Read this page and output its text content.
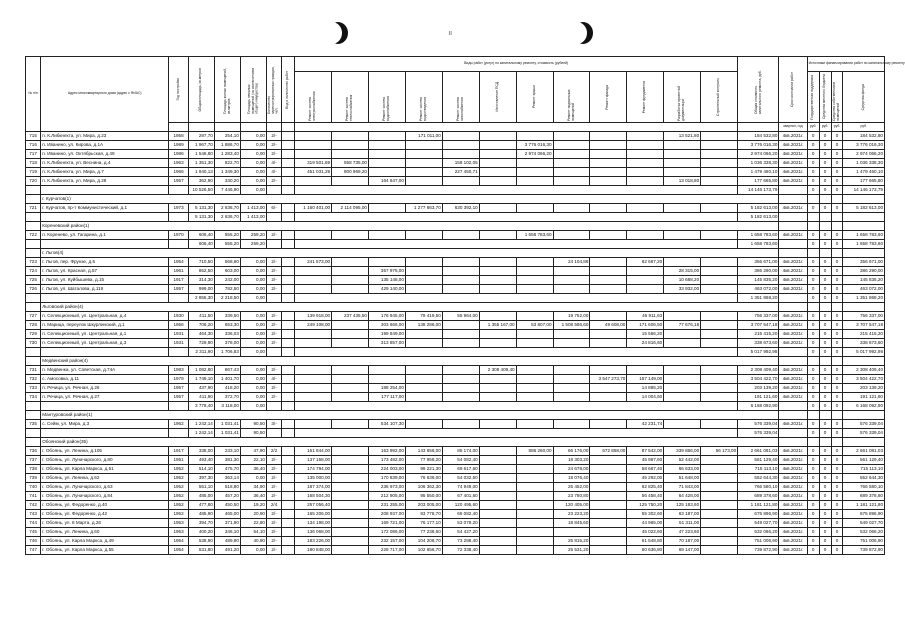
II
№ п/п	Адрес многоквартирного дома (адрес с ФИАС)	Год постройки	Общая площадь, кв.метров	Площадь жилых помещений, кв.метров	Площадь нежилых помещений (за исключением общего имущества)	Количество зарегистрированных граждан, чел.	Вид и количество работ	Виды работ (услуг) по капитальному ремонту, стоимость (рублей)												Общая стоимость капитального ремонта, руб.	Срок окончания работ	Источники финансирования работ по капитальному ремонту			

								Ремонт систем электроснабжения	Ремонт систем теплоснабжения	Ремонт систем водоснабжения	Ремонт систем водоотведения	Ремонт систем газоснабжения	Изготовление ПСД	Ремонт крыши	Ремонт подвальных помещений	Ремонт фасада	Ремонт фундамента	Разработка проектной документации	Строительный контроль			Государственная поддержка	Средства местного бюджета	Средства собственников помещений	Средства фонда

																					квартал, год	руб.	руб.	руб.	руб.
715	п. К.Либкнехта, ул. Мира, д.23	1958	297,70	254,10	0,00	2/-					171 011,00							13 521,80		184 532,80	4кв.2021г.	0	0	0	184 532,80
716	п. Иванино, ул. Кирова, д.1А	1989	1 967,70	1 886,70	0,00	2/-								3 776 016,30						3 776 016,30	4кв.2021г.	0	0	0	3 776 016,30
717	п. Иванино, ул. Октябрьская, д.49	1986	1 546,80	1 283,40	0,00	2/-								2 974 066,20						2 974 066,20	4кв.2021г.	0	0	0	2 974 066,20
718	п. К.Либкнехта, ул. Веснина, д.4	1963	1 351,30	822,70	0,00	4/-		319 501,69	558 735,00			158 102,05								1 036 338,30	4кв.2021г.	0	0	0	1 036 338,30
719	п. К.Либкнехта, ул. Мира, д.7	1966	1 940,13	1 349,30	0,00	4/-		451 031,29	800 969,20			227 450,71								1 479 460,10	4кв.2021г.	0	0	0	1 479 460,10
720	п. К.Либкнехта, ул. Мира, д.28	1957	362,90	330,20	0,00	2/-				164 647,00								13 018,80		177 665,80	4кв.2021г.	0	0	0	177 665,80
			10 526,50	7 446,90	0,00															14 146 173,79		0	0	0	14 146 173,79
	г. Курчатов(1)																								
721	г. Курчатов, пр-т Коммунистический, д.1	1973	5 131,30	2 636,70	1 413,00	6/-		1 160 401,00	2 114 095,00		1 277 663,70	630 392,10								5 182 613,00	4кв.2021г.	0	0	0	5 182 613,00
			5 131,30	2 636,70	1 413,00															5 182 613,00					
	Кореневский район(1)																								
722	п. Коренево, ул. Гагарина, д.1	1970	606,40	555,20	259,20	2/-								1 658 783,60						1 658 783,60	4кв.2021г.	0	0	0	1 658 783,60
			606,40	555,20	259,20															1 658 783,60		0	0	0	1 658 783,60
	г. Льгов(4)																								
723	г. Льгов, пер. Фрунзе, д.5	1954	710,50	568,60	0,00	2/-		241 573,00							24 104,88		82 667,20			356 671,00	4кв.2021г.	0	0	0	356 671,00
724	г. Льгов, ул. Красная, д.57	1961	852,50	603,00	0,00	2/-				357 975,00								28 315,00		386 290,00	4кв.2021г.	0	0	0	386 290,00
725	г. Льгов, ул. Куйбышева, д.15	1917	314,30	242,00	0,00	2/-				135 148,00								10 688,20		145 835,20	4кв.2021г.	0	0	0	145 835,20
726	г. Льгов, ул. Шаталова, д.119	1957	999,00	782,50	0,00	2/-				429 140,00								33 932,00		463 072,00	4кв.2021г.	0	0	0	463 072,00
			2 855,30	2 218,50	0,00															1 351 868,20		0	0	0	1 351 868,20
	Льговский район(4)																								
727	п. Селекционный, ул. Центральная, д.4	1930	411,50	339,50	0,00	2/-		139 918,00	237 435,50	176 945,00	79 419,50	55 964,00			19 752,00		46 911,63			756 337,00	4кв.2021г.	0	0	0	756 337,00
728	п. Марица, переулок Шкурлинский, д.1	1956	706,20	653,30	0,00	2/-		249 108,00		303 666,00	138 286,00		1 355 167,00	53 807,00	1 508 586,60	49 608,00	171 606,50	77 676,18		3 707 547,18	4кв.2021г.	0	0	0	3 707 547,18
729	п. Селекционный, ул. Центральная, д.1	1931	464,30	336,03	0,00	2/-				199 849,00							15 566,20			215 415,20	4кв.2021г.	0	0	0	215 415,20
730	п. Селекционный, ул. Центральная, д.3	1931	729,90	378,00	0,00	2/-				313 857,00							24 816,60			338 673,60	4кв.2021г.	0	0	0	338 673,60
			2 311,90	1 706,83	0,00															5 017 992,98		0	0	0	5 017 992,98
	Медвенский район(4)																								
731	п. Медвенка, ул. Советская, д.74А	1983	1 082,80	867,43	0,00	2/-							2 308 409,40							2 308 409,40	4кв.2021г.	0	0	0	2 308 409,40
732	с. Амосовка, д.11	1979	1 749,10	1 401,70	0,00	4/-										3 547 273,70	157 149,00			3 504 422,70	4кв.2021г.	0	0	0	3 504 422,70
733	п. Речица, ул. Речная, д.26	1957	437,90	418,20	0,00	2/-				188 254,00							14 885,20			203 139,20	4кв.2021г.	0	0	0	203 139,20
734	п. Речица, ул. Речная, д.27	1957	411,90	372,70	0,00	2/-				177 117,00							14 004,60			191 121,60	4кв.2021г.	0	0	0	191 121,60
			3 778,40	3 118,00	0,00															6 168 092,90		0	0	0	6 168 092,90
	Мантуровский район(1)																								
735	с. Сейм, ул. Мира, д.3	1962	1 242,14	1 031,41	90,50	3/-				534 107,30							42 231,74			576 339,04	4кв.2021г.	0	0	0	576 339,04
			1 242,14	1 031,41	90,50															576 339,04		0	0	0	576 339,04
	Обоянский район(35)																								
736	г. Обоянь, ул. Ленина, д.105	1917	338,00	233,10	47,90	2/2		151 844,00		153 992,00	143 656,00	85 174,00		886 260,00	66 176,00	672 858,00	87 542,00	339 866,00	56 173,00	2 661 081,03	4кв.2021г.	0	0	0	2 661 081,03
737	г. Обоянь, ул. Луначарского, д.80	1951	493,40	381,30	22,10	2/-		137 158,00		173 482,00	77 958,20	54 082,40			18 303,20		45 987,60	52 442,00		561 129,40	4кв.2021г.	0	0	0	561 129,40
738	г. Обоянь, ул. Карла Маркса, д.51	1952	514,10	475,70	36,40	2/-		174 794,00		224 003,00	99 221,30	69 617,60			24 678,00		58 667,40	66 633,00		715 113,10	4кв.2021г.	0	0	0	715 113,10
739	г. Обоянь, ул. Ленина, д.62	1952	397,30	363,14	0,00	2/-		135 000,00		170 839,00	76 636,00	54 032,50			18 076,40		45 292,00	51 648,00		552 644,30	4кв.2021г.	0	0	0	552 644,30
740	г. Обоянь, ул. Луначарского, д.63	1952	551,10	518,80	34,90	2/-		187 374,00		236 973,00	106 362,30	74 949,00			25 452,00		62 825,40	71 843,00		766 580,10	4кв.2021г.	0	0	0	766 580,10
741	г. Обоянь, ул. Луначарского, д.84	1952	485,00	457,20	36,40	2/-		168 504,30		212 905,00	95 550,00	67 401,60			23 780,80		56 458,40	64 428,00		689 378,60	4кв.2021г.	0	0	0	689 378,60
742	г. Обоянь, ул. Федоренко, д.40	1952	477,80	450,50	19,20	2/4		257 056,40		231 255,00	203 005,00	120 495,60			120 405,00		125 750,20	125 183,60		1 181 121,80	4кв.2021г.	0	0	0	1 181 121,80
743	г. Обоянь, ул. Федоренко, д.42	1952	485,90	465,00	20,90	2/-		165 206,00		208 937,00	93 778,70	66 082,40			23 223,20		55 302,60	63 187,00		675 896,90	4кв.2021г.	0	0	0	675 896,90
744	г. Обоянь, ул. 8 Марта, д.26	1953	394,70	371,90	22,80	2/-		134 198,00		169 721,00	76 177,10	53 079,20			18 845,60		44 965,00	51 311,00		549 027,70	4кв.2021г.	0	0	0	549 027,70
745	г. Обоянь, ул. Ленина, д.60	1953	400,20	346,10	54,10	2/-		136 068,00		172 086,00	77 238,60	54 427,20					45 022,60	47 223,60		532 066,20	4кв.2021г.	0	0	0	532 066,20
746	г. Обоянь, ул. Карла Маркса, д.49	1954	538,90	489,90	40,90	2/-		183 226,00		232 157,00	104 208,70	73 288,40			25 815,20		61 548,80	70 187,00		751 006,90	4кв.2021г.	0	0	0	751 006,90
747	г. Обоянь, ул. Карла Маркса, д.55	1954	531,80	491,20	0,00	2/-		180 848,00		228 717,00	102 656,70	72 338,40			25 531,20		60 636,80	69 147,00		739 872,90	4кв.2021г.	0	0	0	739 872,90
